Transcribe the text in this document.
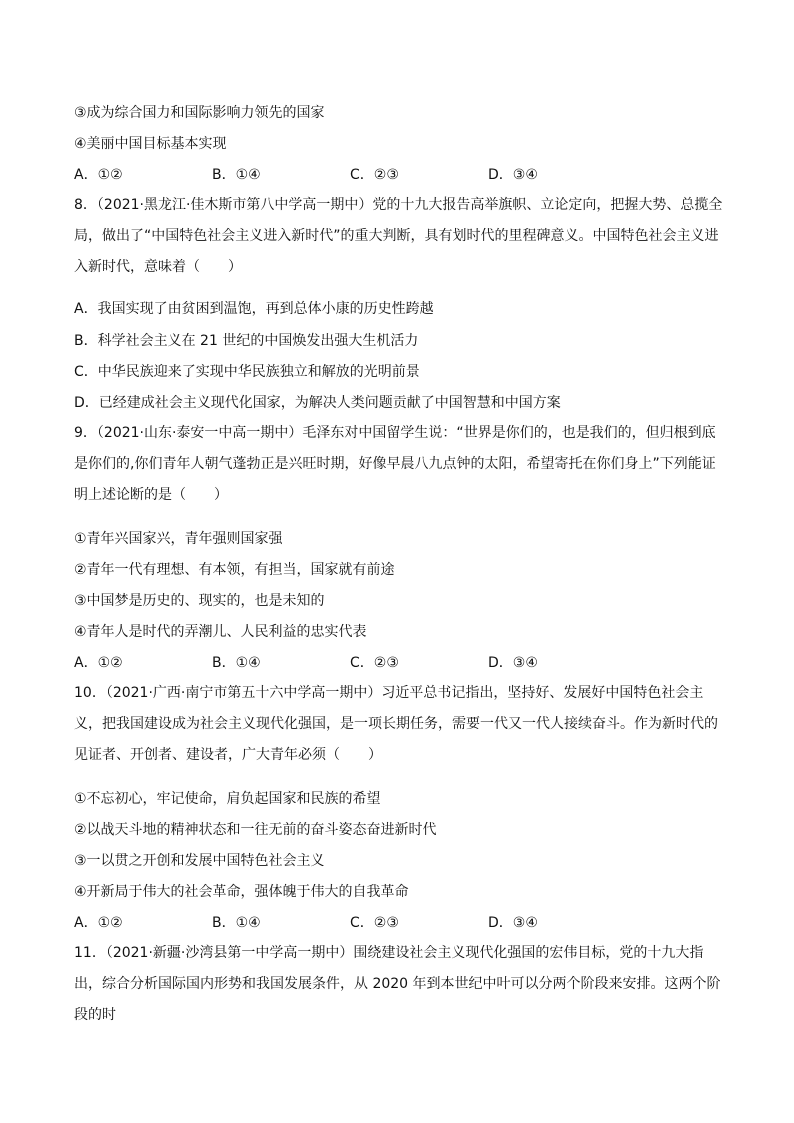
③成为综合国力和国际影响力领先的国家
④美丽中国目标基本实现
A．①②	B．①④	C．②③	D．③④
8．（2021·黑龙江·佳木斯市第八中学高一期中）党的十九大报告高举旗帜、立论定向，把握大势、总揽全局，做出了“中国特色社会主义进入新时代”的重大判断，具有划时代的里程碑意义。中国特色社会主义进入新时代，意味着（　　）
A．我国实现了由贫困到温饱，再到总体小康的历史性跨越
B．科学社会主义在 21 世纪的中国焕发出强大生机活力
C．中华民族迎来了实现中华民族独立和解放的光明前景
D．已经建成社会主义现代化国家，为解决人类问题贡献了中国智慧和中国方案
9．（2021·山东·泰安一中高一期中）毛泽东对中国留学生说：“世界是你们的，也是我们的，但归根到底是你们的,你们青年人朝气蓬勃正是兴旺时期，好像早晨八九点钟的太阳，希望寄托在你们身上”下列能证明上述论断的是（　　）
①青年兴国家兴，青年强则国家强
②青年一代有理想、有本领，有担当，国家就有前途
③中国梦是历史的、现实的，也是未知的
④青年人是时代的弄潮儿、人民利益的忠实代表
A．①②	B．①④	C．②③	D．③④
10．（2021·广西·南宁市第五十六中学高一期中）习近平总书记指出，坚持好、发展好中国特色社会主义，把我国建设成为社会主义现代化强国，是一项长期任务，需要一代又一代人接续奋斗。作为新时代的见证者、开创者、建设者，广大青年必须（　　）
①不忘初心，牢记使命，肩负起国家和民族的希望
②以战天斗地的精神状态和一往无前的奋斗姿态奋进新时代
③一以贯之开创和发展中国特色社会主义
④开新局于伟大的社会革命，强体魄于伟大的自我革命
A．①②	B．①④	C．②③	D．③④
11．（2021·新疆·沙湾县第一中学高一期中）围绕建设社会主义现代化强国的宏伟目标，党的十九大指出，综合分析国际国内形势和我国发展条件，从 2020 年到本世纪中叶可以分两个阶段来安排。这两个阶段的时
